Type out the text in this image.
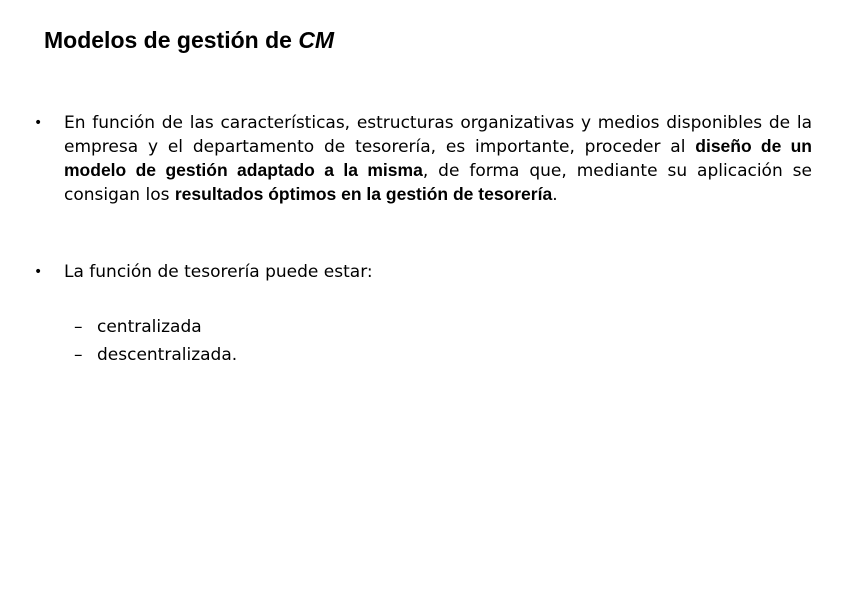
Modelos de gestión de CM
• En función de las características, estructuras organizativas y medios disponibles de la empresa y el departamento de tesorería, es importante, proceder al diseño de un modelo de gestión adaptado a la misma, de forma que, mediante su aplicación se consigan los resultados óptimos en la gestión de tesorería.

• La función de tesorería puede estar:

– centralizada
– descentralizada.
